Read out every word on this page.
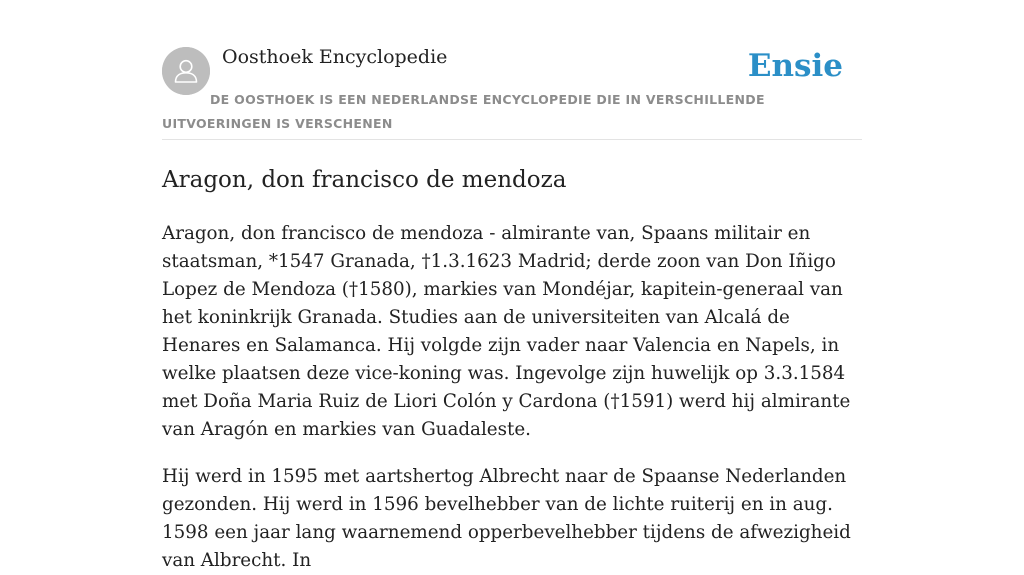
Oosthoek Encyclopedie	Ensie

DE OOSTHOEK IS EEN NEDERLANDSE ENCYCLOPEDIE DIE IN VERSCHILLENDE UITVOERINGEN IS VERSCHENEN

Aragon, don francisco de mendoza

Aragon, don francisco de mendoza - almirante van, Spaans militair en staatsman, *1547 Granada, †1.3.1623 Madrid; derde zoon van Don Iñigo Lopez de Mendoza (†1580), markies van Mondéjar, kapitein-generaal van het koninkrijk Granada. Studies aan de universiteiten van Alcalá de Henares en Salamanca. Hij volgde zijn vader naar Valencia en Napels, in welke plaatsen deze vice-koning was. Ingevolge zijn huwelijk op 3.3.1584 met Doña Maria Ruiz de Liori Colón y Cardona (†1591) werd hij almirante van Aragón en markies van Guadaleste.

Hij werd in 1595 met aartshertog Albrecht naar de Spaanse Nederlanden gezonden. Hij werd in 1596 bevelhebber van de lichte ruiterij en in aug. 1598 een jaar lang waarnemend opperbevelhebber tijdens de afwezigheid van Albrecht. In
